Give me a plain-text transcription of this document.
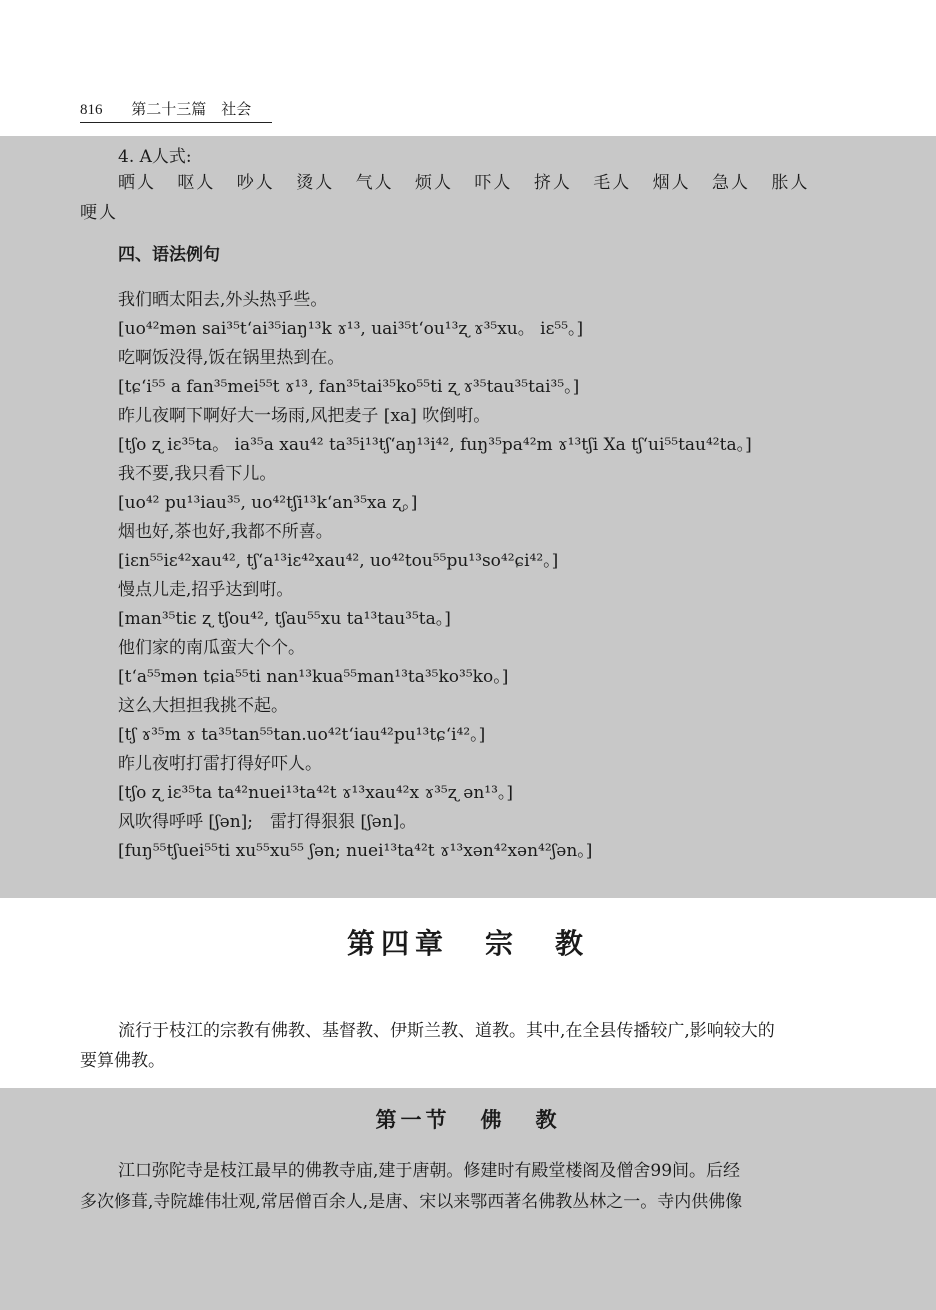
816 第二十三篇　社会
4. A人式:
晒人 呕人 吵人 烫人 气人 烦人 吓人 挤人 毛人 烟人 急人 胀人
哽人
四、语法例句
我们晒太阳去,外头热乎些。
[uo⁴²mən sai³⁵t‘ai³⁵iaŋ¹³k ɤ¹³, uai³⁵t‘ou¹³ʐ ɤ³⁵xu。 iɛ⁵⁵。]
吃啊饭没得,饭在锅里热到在。
[tɕ‘i⁵⁵ a fan³⁵mei⁵⁵t ɤ¹³, fan³⁵tai³⁵ko⁵⁵ti ʐ ɤ³⁵tau³⁵tai³⁵。]
昨儿夜啊下啊好大一场雨,风把麦子 [xa] 吹倒咑。
[tʃo ʐ iɛ³⁵ta。 ia³⁵a xau⁴² ta³⁵i¹³tʃ‘aŋ¹³i⁴², fuŋ³⁵pa⁴²m ɤ¹³tʃi Xa tʃ‘ui⁵⁵tau⁴²ta。]
我不要,我只看下儿。
[uo⁴² pu¹³iau³⁵, uo⁴²tʃi¹³k‘an³⁵xa ʐ。]
烟也好,茶也好,我都不所喜。
[iɛn⁵⁵iɛ⁴²xau⁴², tʃ‘a¹³iɛ⁴²xau⁴², uo⁴²tou⁵⁵pu¹³so⁴²ɕi⁴²。]
慢点儿走,招乎达到咑。
[man³⁵tiɛ ʐ tʃou⁴², tʃau⁵⁵xu ta¹³tau³⁵ta。]
他们家的南瓜蛮大个个。
[t‘a⁵⁵mən tɕia⁵⁵ti nan¹³kua⁵⁵man¹³ta³⁵ko³⁵ko。]
这么大担担我挑不起。
[tʃ ɤ³⁵m ɤ ta³⁵tan⁵⁵tan.uo⁴²t‘iau⁴²pu¹³tɕ‘i⁴²。]
昨儿夜咑打雷打得好吓人。
[tʃo ʐ iɛ³⁵ta ta⁴²nuei¹³ta⁴²t ɤ¹³xau⁴²x ɤ³⁵ʐ ən¹³。]
风吹得呼呼 [ʃən];　雷打得狠狠 [ʃən]。
[fuŋ⁵⁵tʃuei⁵⁵ti xu⁵⁵xu⁵⁵ ʃən; nuei¹³ta⁴²t ɤ¹³xən⁴²xən⁴²ʃən。]
第四章 宗 教
流行于枝江的宗教有佛教、基督教、伊斯兰教、道教。其中,在全县传播较广,影响较大的
要算佛教。
第一节 佛 教
江口弥陀寺是枝江最早的佛教寺庙,建于唐朝。修建时有殿堂楼阁及僧舍99间。后经
多次修葺,寺院雄伟壮观,常居僧百余人,是唐、宋以来鄂西著名佛教丛林之一。寺内供佛像
